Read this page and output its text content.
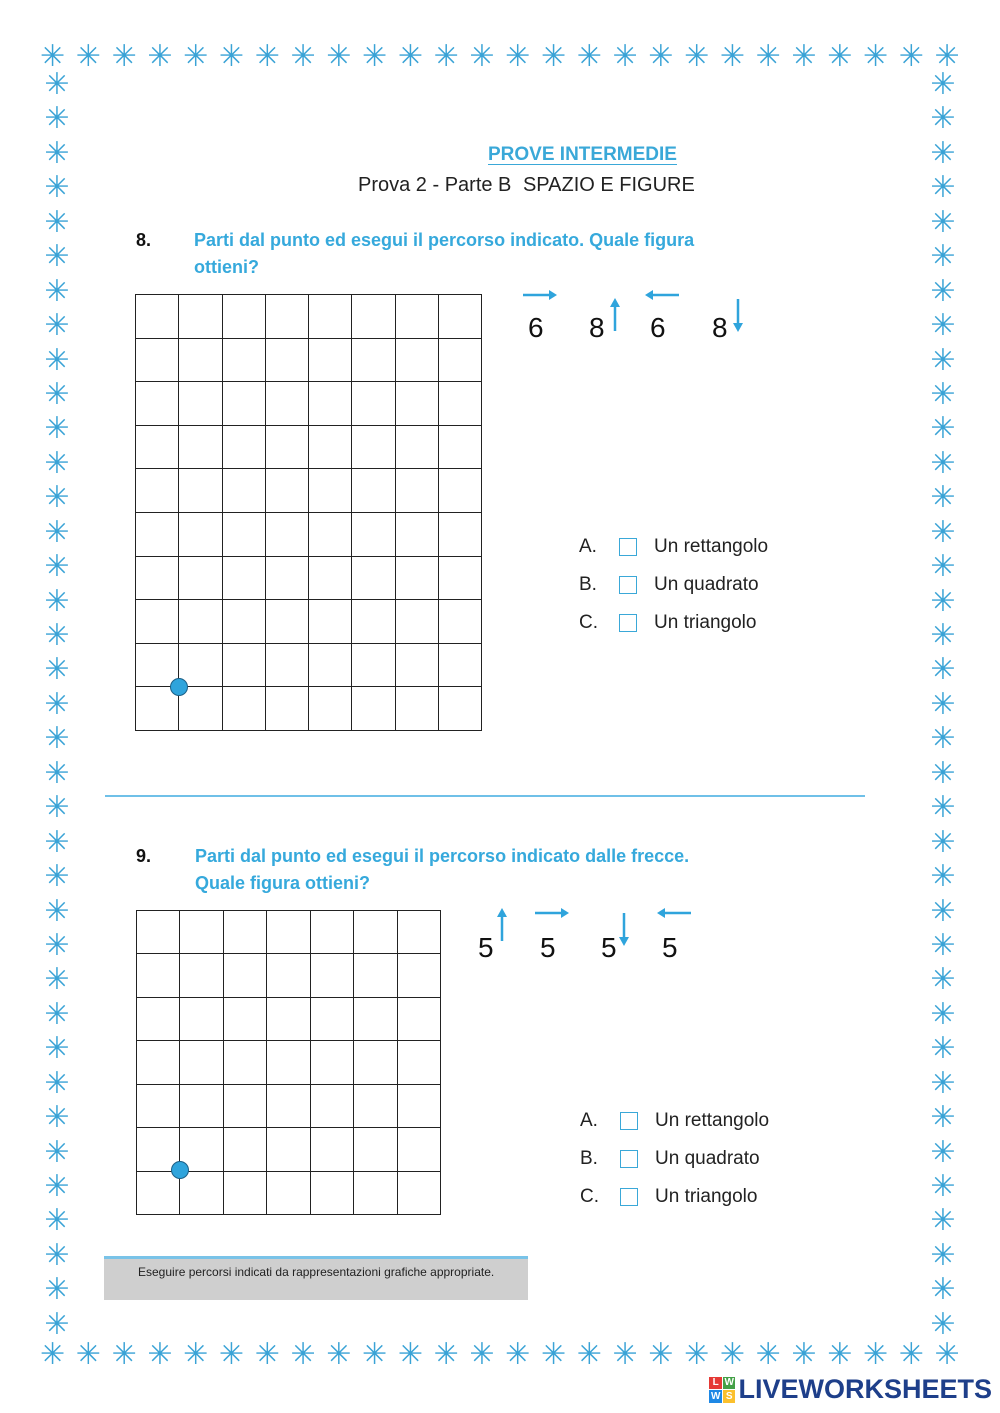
✳ ✳ ✳ ✳ ✳ ✳ ✳ ✳ ✳ ✳ ✳ ✳ ✳ ✳ ✳ ✳ ✳ ✳ ✳ ✳ ✳ ✳ ✳ ✳ ✳ ✳
✳ ✳ ✳ ✳ ✳ ✳ ✳ ✳ ✳ ✳ ✳ ✳ ✳ ✳ ✳ ✳ ✳ ✳ ✳ ✳ ✳ ✳ ✳ ✳ ✳ ✳
✳
✳
✳
✳
✳
✳
✳
✳
✳
✳
✳
✳
✳
✳
✳
✳
✳
✳
✳
✳
✳
✳
✳
✳
✳
✳
✳
✳
✳
✳
✳
✳
✳
✳
✳
✳
✳
✳
✳
✳
✳
✳
✳
✳
✳
✳
✳
✳
✳
✳
✳
✳
✳
✳
✳
✳
✳
✳
✳
✳
✳
✳
✳
✳
✳
✳
✳
✳
✳
✳
✳
✳
✳
✳
PROVE INTERMEDIE
Prova 2 - Parte B SPAZIO E FIGURE
8. Parti dal punto ed esegui il percorso indicato. Quale figura
ottieni?
6 8 6 8
A.	Un rettangolo
B.	Un quadrato
C.	Un triangolo
9. Parti dal punto ed esegui il percorso indicato dalle frecce.
Quale figura ottieni?
5 5 5 5
A.	Un rettangolo
B.	Un quadrato
C.	Un triangolo
Eseguire percorsi indicati da rappresentazioni grafiche appropriate.
L W
W S LIVEWORKSHEETS
